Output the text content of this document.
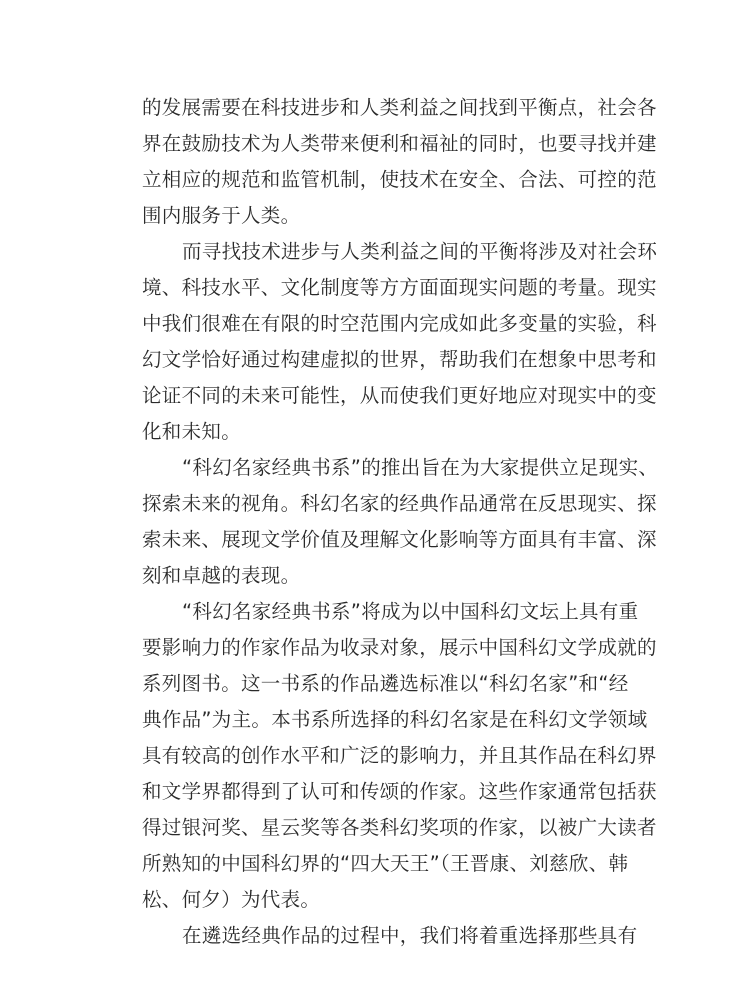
的发展需要在科技进步和人类利益之间找到平衡点，社会各
界在鼓励技术为人类带来便利和福祉的同时，也要寻找并建
立相应的规范和监管机制，使技术在安全、合法、可控的范
围内服务于人类。
而寻找技术进步与人类利益之间的平衡将涉及对社会环
境、科技水平、文化制度等方方面面现实问题的考量。现实
中我们很难在有限的时空范围内完成如此多变量的实验，科
幻文学恰好通过构建虚拟的世界，帮助我们在想象中思考和
论证不同的未来可能性，从而使我们更好地应对现实中的变
化和未知。
“科幻名家经典书系”的推出旨在为大家提供立足现实、
探索未来的视角。科幻名家的经典作品通常在反思现实、探
索未来、展现文学价值及理解文化影响等方面具有丰富、深
刻和卓越的表现。
“科幻名家经典书系”将成为以中国科幻文坛上具有重
要影响力的作家作品为收录对象，展示中国科幻文学成就的
系列图书。这一书系的作品遴选标准以“科幻名家”和“经
典作品”为主。本书系所选择的科幻名家是在科幻文学领域
具有较高的创作水平和广泛的影响力，并且其作品在科幻界
和文学界都得到了认可和传颂的作家。这些作家通常包括获
得过银河奖、星云奖等各类科幻奖项的作家，以被广大读者
所熟知的中国科幻界的“四大天王”（王晋康、刘慈欣、韩
松、何夕）为代表。
在遴选经典作品的过程中，我们将着重选择那些具有
